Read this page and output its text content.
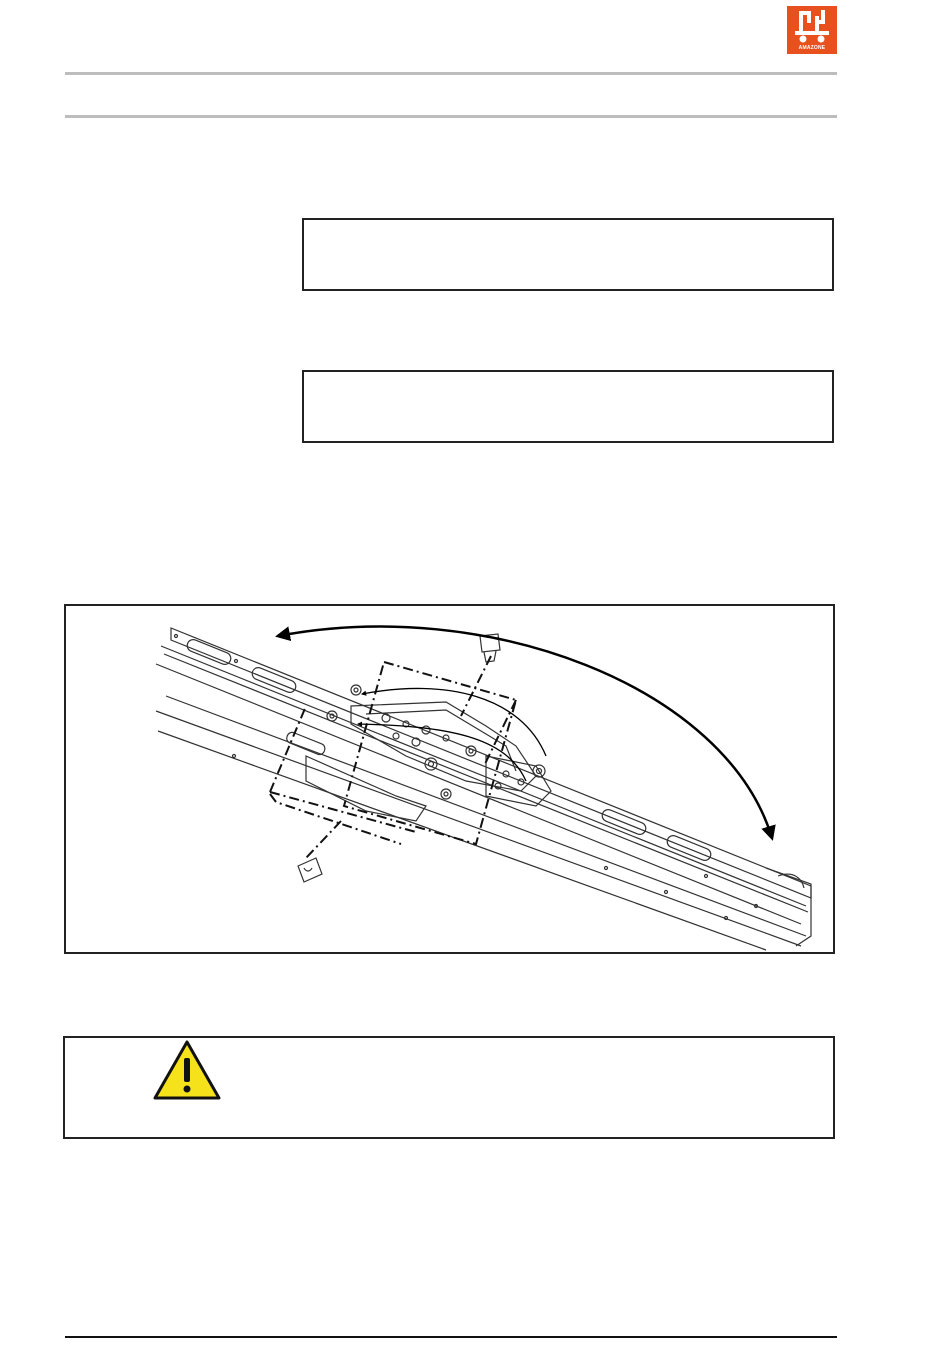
AMAZONE
